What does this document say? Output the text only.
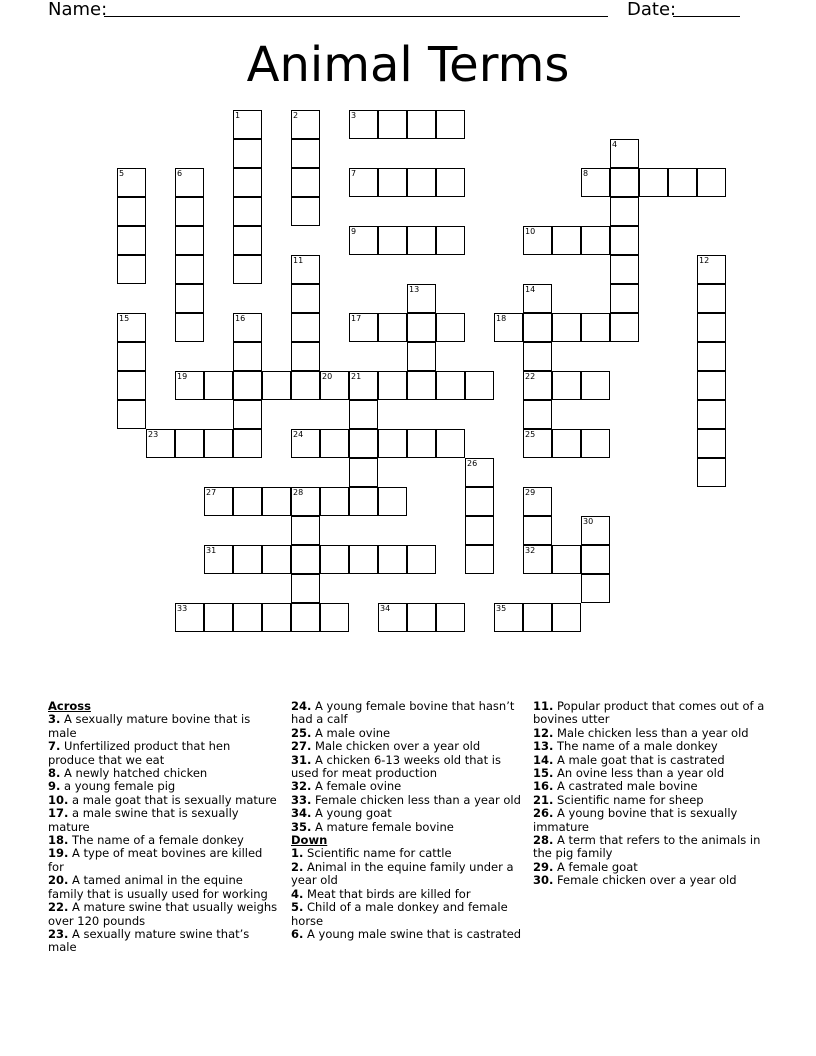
Name:	Date:
Animal Terms
1	2	3
4
5	6	7	8
9	10
11	12
13	14
22
15	16	17	18
19	20 21
23	24	25
26
27	28	29
32
30
31
33	34	35
Across
3. A sexually mature bovine that is male
7. Unfertilized product that hen produce that we eat
8. A newly hatched chicken
9. a young female pig
10. a male goat that is sexually mature
17. a male swine that is sexually mature
18. The name of a female donkey
19. A type of meat bovines are killed for
20. A tamed animal in the equine family that is usually used for working
22. A mature swine that usually weighs over 120 pounds
23. A sexually mature swine that’s male
24. A young female bovine that hasn’t had a calf
25. A male ovine
27. Male chicken over a year old
31. A chicken 6-13 weeks old that is used for meat production
32. A female ovine
33. Female chicken less than a year old
34. A young goat
35. A mature female bovine
Down
1. Scientific name for cattle
2. Animal in the equine family under a year old
4. Meat that birds are killed for
5. Child of a male donkey and female horse
6. A young male swine that is castrated
11. Popular product that comes out of a bovines utter
12. Male chicken less than a year old
13. The name of a male donkey
14. A male goat that is castrated
15. An ovine less than a year old
16. A castrated male bovine
21. Scientific name for sheep
26. A young bovine that is sexually immature
28. A term that refers to the animals in the pig family
29. A female goat
30. Female chicken over a year old
